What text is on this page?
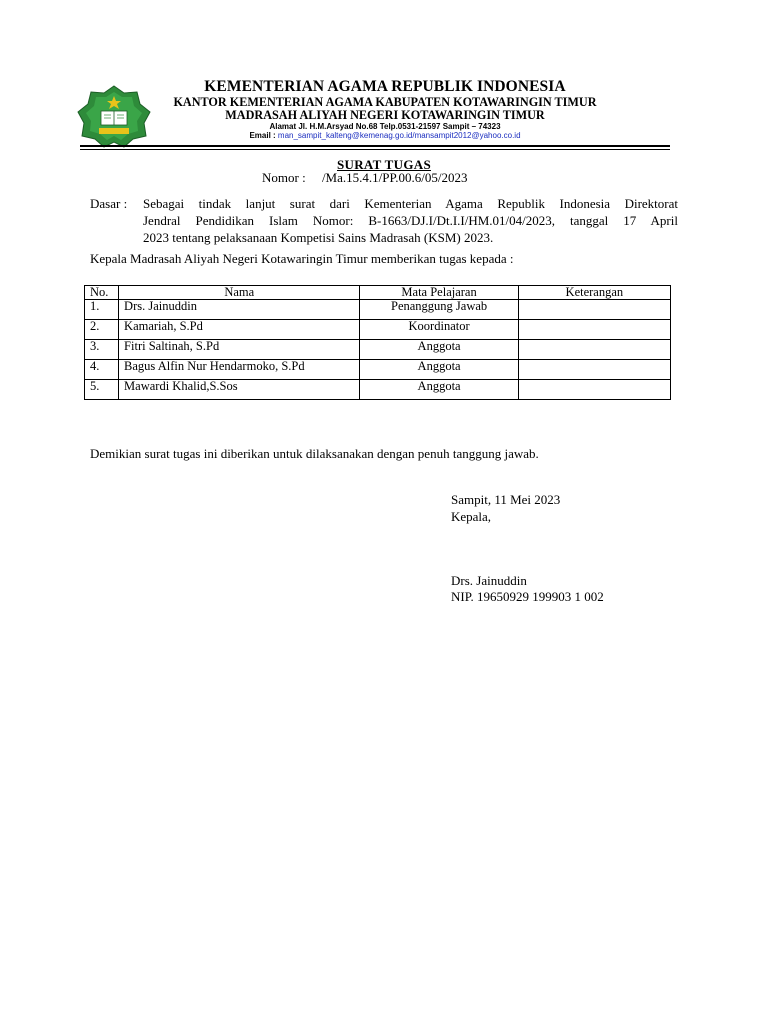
KEMENTERIAN AGAMA REPUBLIK INDONESIA
KANTOR KEMENTERIAN AGAMA KABUPATEN KOTAWARINGIN TIMUR
MADRASAH ALIYAH NEGERI KOTAWARINGIN TIMUR
Alamat Jl. H.M.Arsyad No.68 Telp.0531-21597 Sampit – 74323
Email : man_sampit_kalteng@kemenag.go.id/mansampit2012@yahoo.co.id
SURAT TUGAS
Nomor :     /Ma.15.4.1/PP.00.6/05/2023
Dasar : Sebagai tindak lanjut surat dari Kementerian Agama Republik Indonesia Direktorat
Jendral Pendidikan Islam Nomor: B-1663/DJ.I/Dt.I.I/HM.01/04/2023, tanggal 17 April
2023 tentang pelaksanaan Kompetisi Sains Madrasah (KSM) 2023.
Kepala Madrasah Aliyah Negeri Kotawaringin Timur memberikan tugas kepada :
No.	Nama	Mata Pelajaran	Keterangan
1.	Drs. Jainuddin	Penanggung Jawab	
2.	Kamariah, S.Pd	Koordinator	
3.	Fitri Saltinah, S.Pd	Anggota	
4.	Bagus Alfin Nur Hendarmoko, S.Pd	Anggota	
5.	Mawardi Khalid,S.Sos	Anggota	
Demikian surat tugas ini diberikan untuk dilaksanakan dengan penuh tanggung jawab.
Sampit, 11 Mei 2023
Kepala,
Drs. Jainuddin
NIP. 19650929 199903 1 002
